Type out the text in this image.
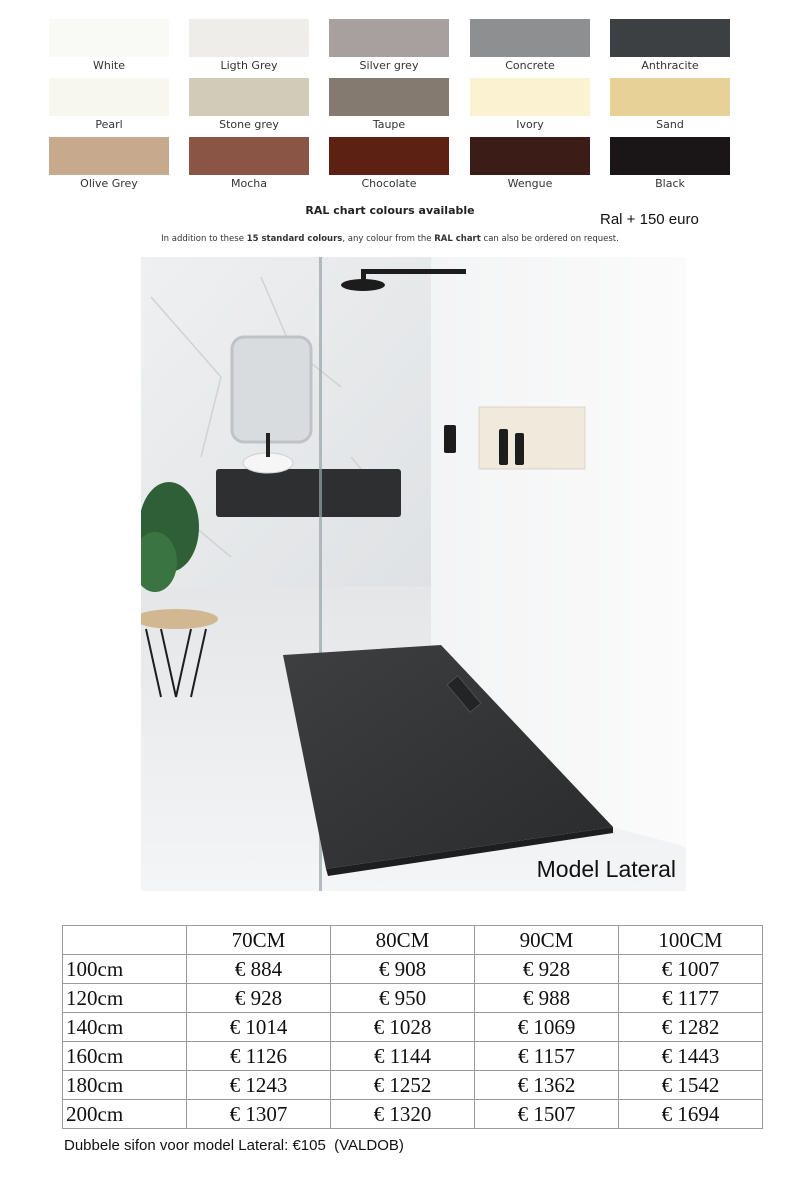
White	Ligth Grey	Silver grey	Concrete	Anthracite
Pearl	Stone grey	Taupe	Ivory	Sand
Olive Grey	Mocha	Chocolate	Wengue	Black
RAL chart colours available
Ral + 150 euro
In addition to these 15 standard colours, any colour from the RAL chart can also be ordered on request.
Model Lateral
	70CM	80CM	90CM	100CM
100cm	€ 884	€ 908	€ 928	€ 1007
120cm	€ 928	€ 950	€ 988	€ 1177
140cm	€ 1014	€ 1028	€ 1069	€ 1282
160cm	€ 1126	€ 1144	€ 1157	€ 1443
180cm	€ 1243	€ 1252	€ 1362	€ 1542
200cm	€ 1307	€ 1320	€ 1507	€ 1694
Dubbele sifon voor model Lateral: €105  (VALDOB)
